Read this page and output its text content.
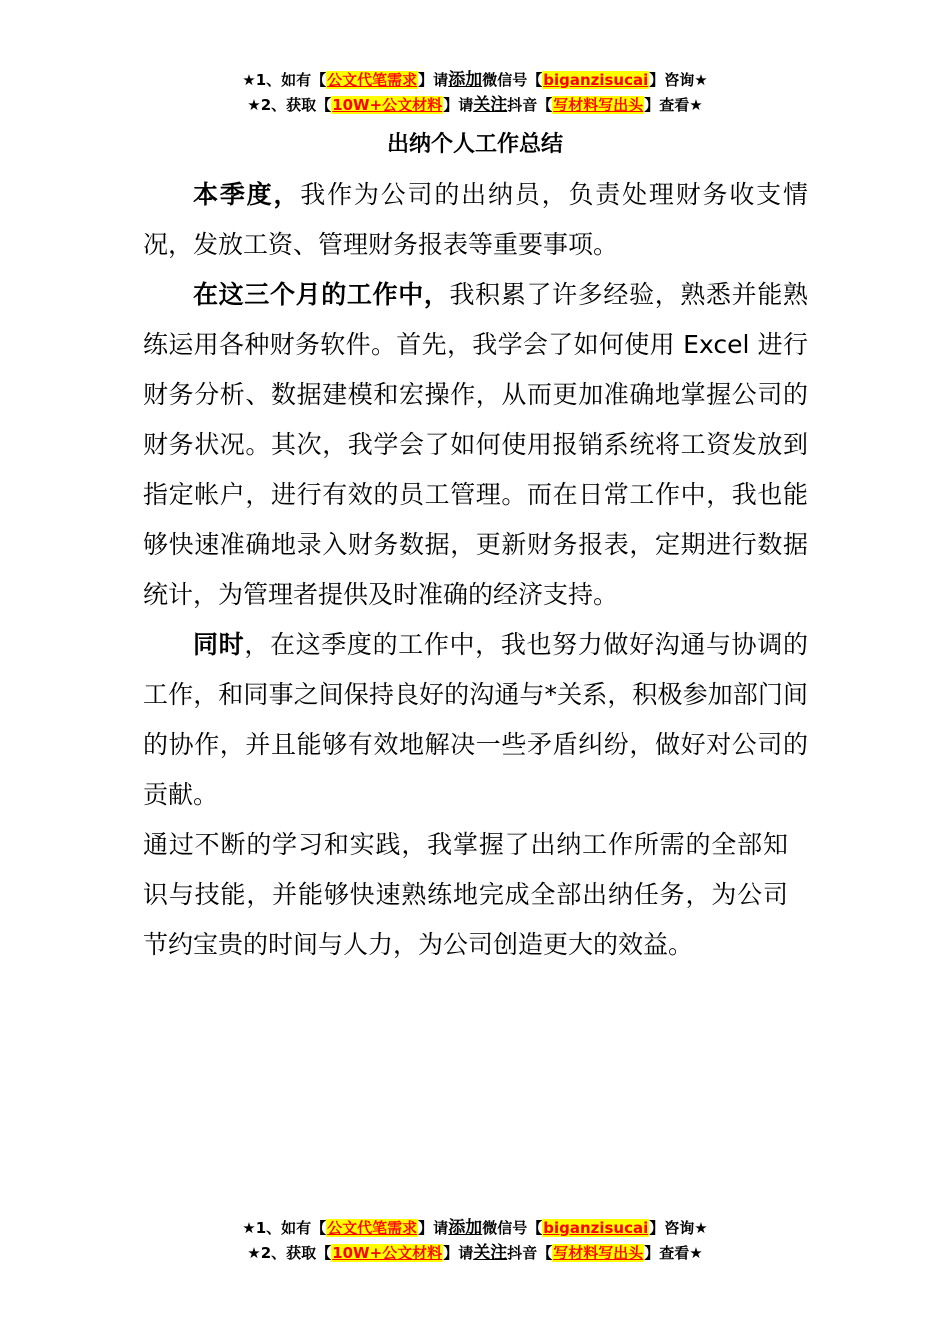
★1、如有【公文代笔需求】请添加微信号【biganzisucai】咨询★
★2、获取【10W+公文材料】请关注抖音【写材料写出头】查看★
出纳个人工作总结

本季度，我作为公司的出纳员，负责处理财务收支情况，发放工资、管理财务报表等重要事项。

在这三个月的工作中，我积累了许多经验，熟悉并能熟练运用各种财务软件。首先，我学会了如何使用 Excel 进行财务分析、数据建模和宏操作，从而更加准确地掌握公司的财务状况。其次，我学会了如何使用报销系统将工资发放到指定帐户，进行有效的员工管理。而在日常工作中，我也能够快速准确地录入财务数据，更新财务报表，定期进行数据统计，为管理者提供及时准确的经济支持。

同时，在这季度的工作中，我也努力做好沟通与协调的工作，和同事之间保持良好的沟通与*关系，积极参加部门间的协作，并且能够有效地解决一些矛盾纠纷，做好对公司的贡献。

通过不断的学习和实践，我掌握了出纳工作所需的全部知识与技能，并能够快速熟练地完成全部出纳任务，为公司节约宝贵的时间与人力，为公司创造更大的效益。

★1、如有【公文代笔需求】请添加微信号【biganzisucai】咨询★
★2、获取【10W+公文材料】请关注抖音【写材料写出头】查看★
